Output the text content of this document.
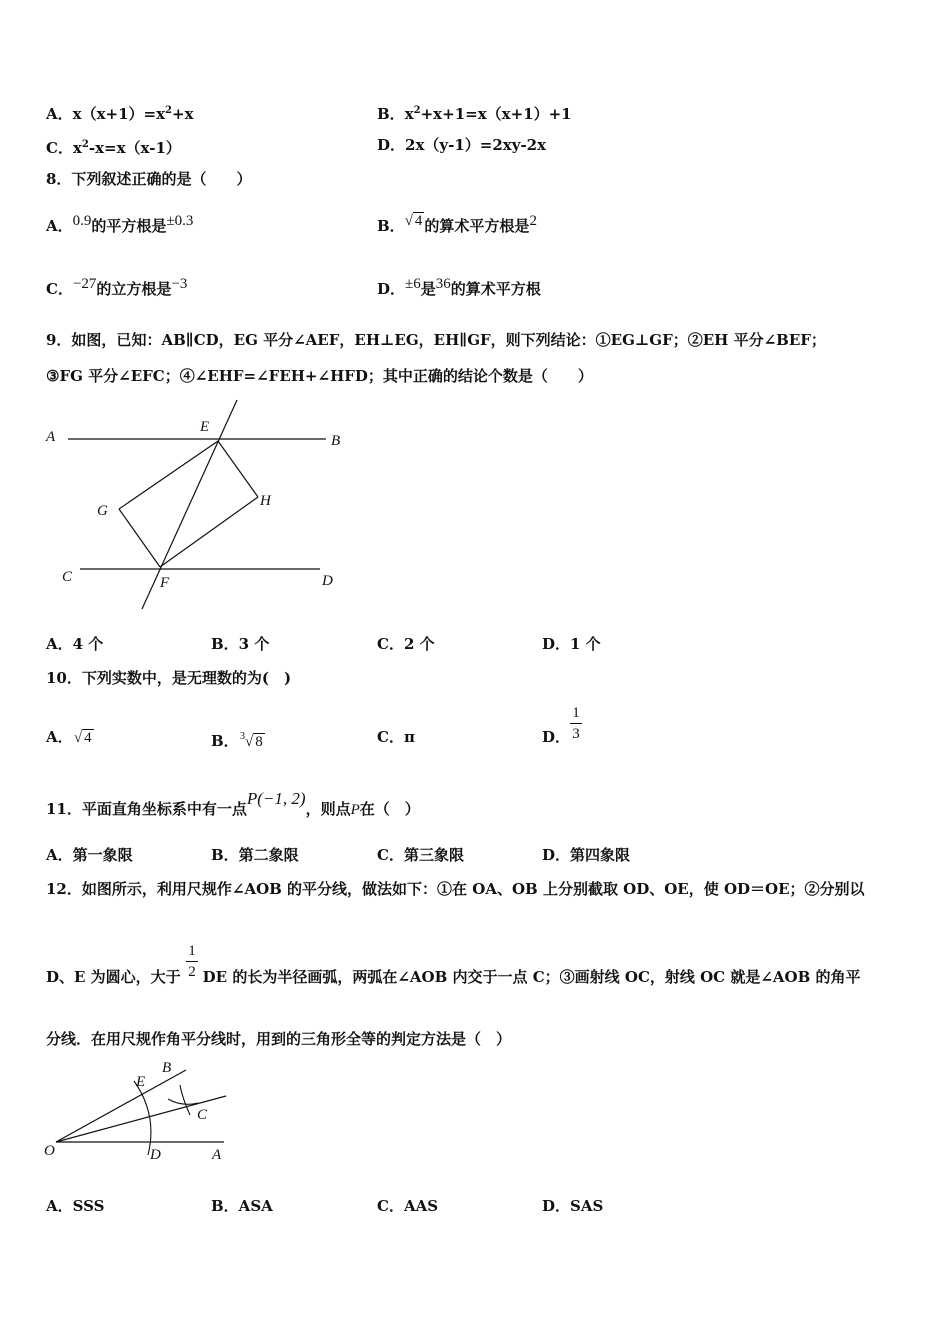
A．$x(x+1)=x^2+x$	B．$x^2+x+1=x(x+1)+1$
C．$x^2-x=x(x-1)$	D．2x（y-1）=2xy-2x
8．下列叙述正确的是（　　）
A．0.9的平方根是±0.3	B．√ 4 的算术平方根是2
C．−27的立方根是−3	D．±6是36的算术平方根
9．如图，已知：AB∥CD，EG 平分∠AEF，EH⊥EG，EH∥GF，则下列结论：①EG⊥GF；②EH 平分∠BEF；
③FG 平分∠EFC；④∠EHF=∠FEH+∠HFD；其中正确的结论个数是（　　）
A	B
C	D
E
F
G
H
A．4 个	B．3 个	C．2 个	D．1 个
10．下列实数中，是无理数的为(　)
A． √ 4	B． $^3$√ 8	C．π	D．
1
3
11．平面直角坐标系中有一点P(−1, 2)，则点P在（　）
A．第一象限	B．第二象限	C．第三象限	D．第四象限
12．如图所示，利用尺规作∠AOB 的平分线，做法如下：①在 OA、OB 上分别截取 OD、OE，使 OD＝OE；②分别以
D、E 为圆心，大于 DE 的长为半径画弧，两弧在∠AOB 内交于一点 C；③画射线 OC，射线 OC 就是∠AOB 的角平
1
2
分线．在用尺规作角平分线时，用到的三角形全等的判定方法是（　）
O	A
B
C
D
E
A．SSS	B．ASA	C．AAS	D．SAS
